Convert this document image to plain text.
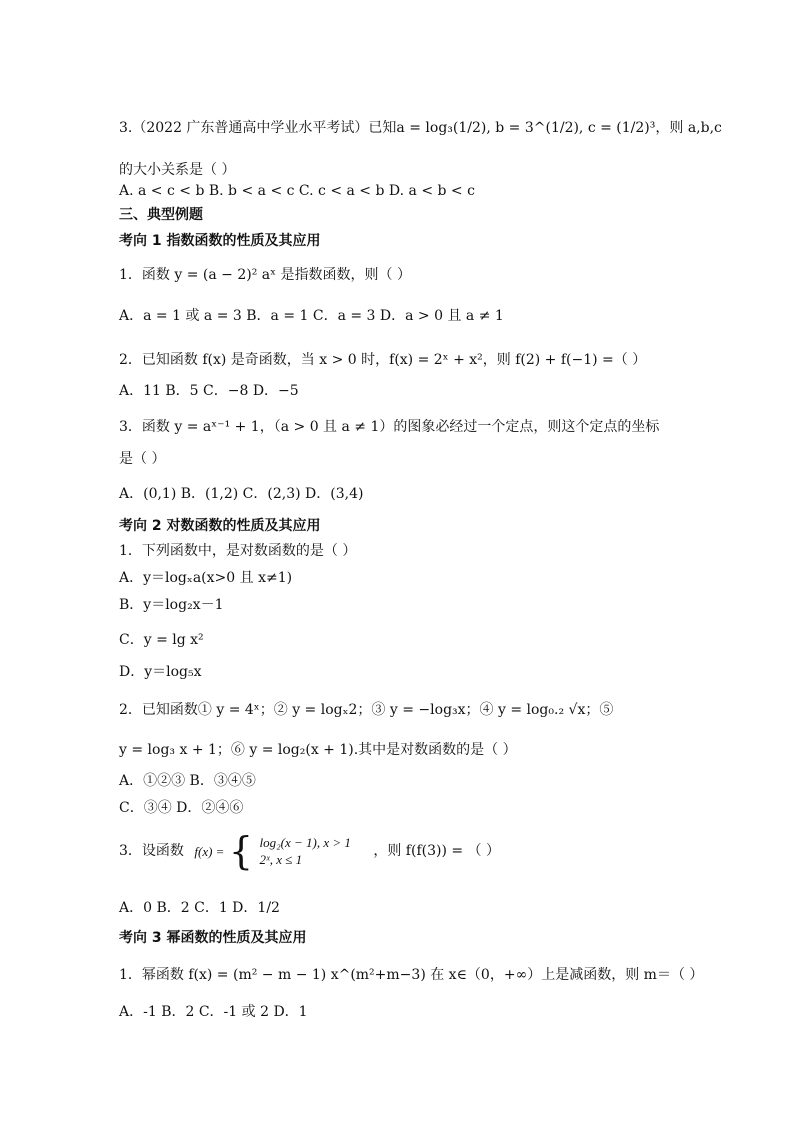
3.（2022 广东普通高中学业水平考试）已知a = log₃(1/2), b = 3^(1/2), c = (1/2)³，则 a,b,c
的大小关系是（ ）
A. a < c < b B. b < a < c C. c < a < b D. a < b < c
三、典型例题
考向 1 指数函数的性质及其应用
1．函数 y = (a − 2)² aˣ 是指数函数，则（ ）
A．a = 1 或 a = 3 B．a = 1 C．a = 3 D．a > 0 且 a ≠ 1
2．已知函数 f(x) 是奇函数，当 x > 0 时，f(x) = 2ˣ + x²，则 f(2) + f(−1) =（ ）
A．11 B．5 C．−8 D．−5
3．函数 y = aˣ⁻¹ + 1，（a > 0 且 a ≠ 1）的图象必经过一个定点，则这个定点的坐标
是（ ）
A．(0,1) B．(1,2) C．(2,3) D．(3,4)
考向 2 对数函数的性质及其应用
1．下列函数中，是对数函数的是（ ）
A．y＝logₓa(x>0 且 x≠1)
B．y＝log₂x－1
C．y = lg x²
D．y＝log₅x
2．已知函数① y = 4ˣ；② y = logₓ2；③ y = −log₃x；④ y = log₀.₂ √x；⑤
y = log₃ x + 1；⑥ y = log₂(x + 1).其中是对数函数的是（ ）
A．①②③ B．③④⑤
C．③④ D．②④⑥
3．设函数 f(x) = { log₂(x − 1), x > 1
2ˣ, x ≤ 1
，则 f(f(3)) = （ ）
A．0 B．2 C．1 D．1/2
考向 3 幂函数的性质及其应用
1．幂函数 f(x) = (m² − m − 1) x^(m²+m−3) 在 x∈（0，+∞）上是减函数，则 m＝（ ）
A．-1 B．2 C．-1 或 2 D．1
